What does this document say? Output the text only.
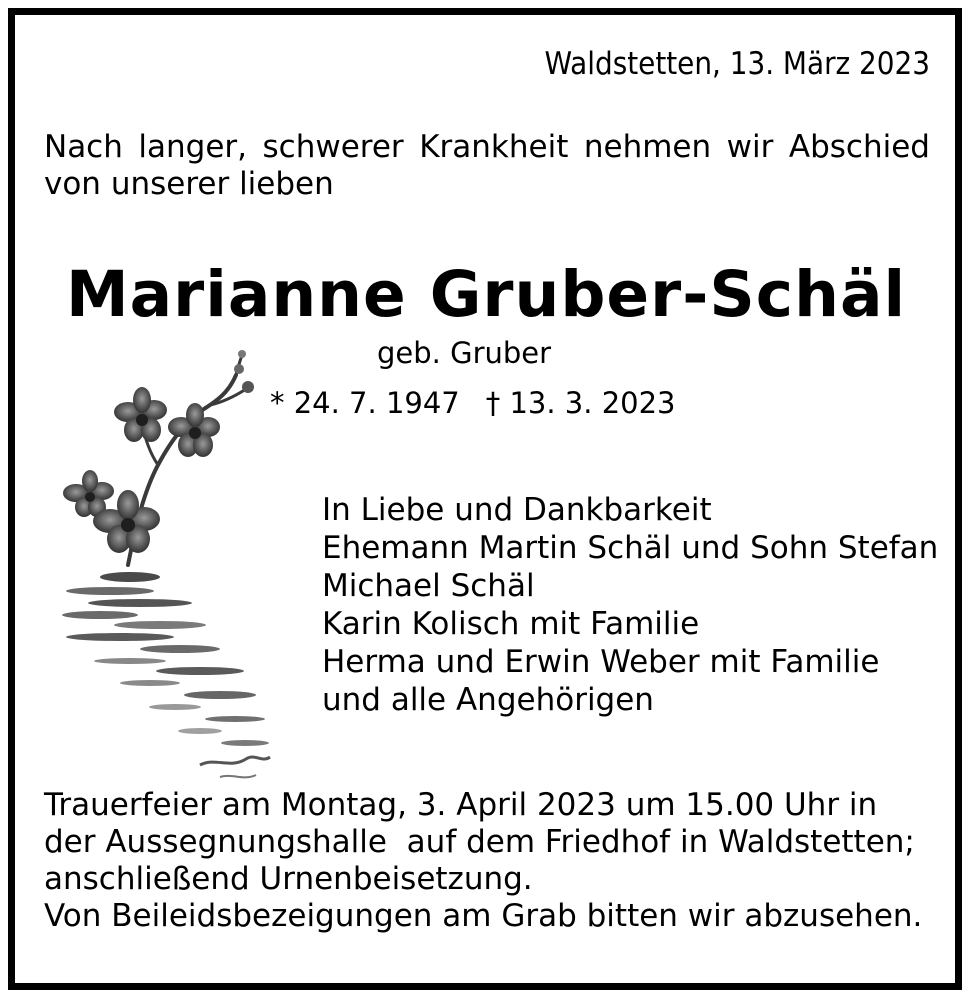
Waldstetten, 13. März 2023
Nach langer, schwerer Krankheit nehmen wir Abschied
von unserer lieben
Marianne Gruber-Schäl
geb. Gruber
* 24. 7. 1947 † 13. 3. 2023
In Liebe und Dankbarkeit
Ehemann Martin Schäl und Sohn Stefan
Michael Schäl
Karin Kolisch mit Familie
Herma und Erwin Weber mit Familie
und alle Angehörigen
Trauerfeier am Montag, 3. April 2023 um 15.00 Uhr in
der Aussegnungshalle  auf dem Friedhof in Waldstetten;
anschließend Urnenbeisetzung.
Von Beileidsbezeigungen am Grab bitten wir abzusehen.
